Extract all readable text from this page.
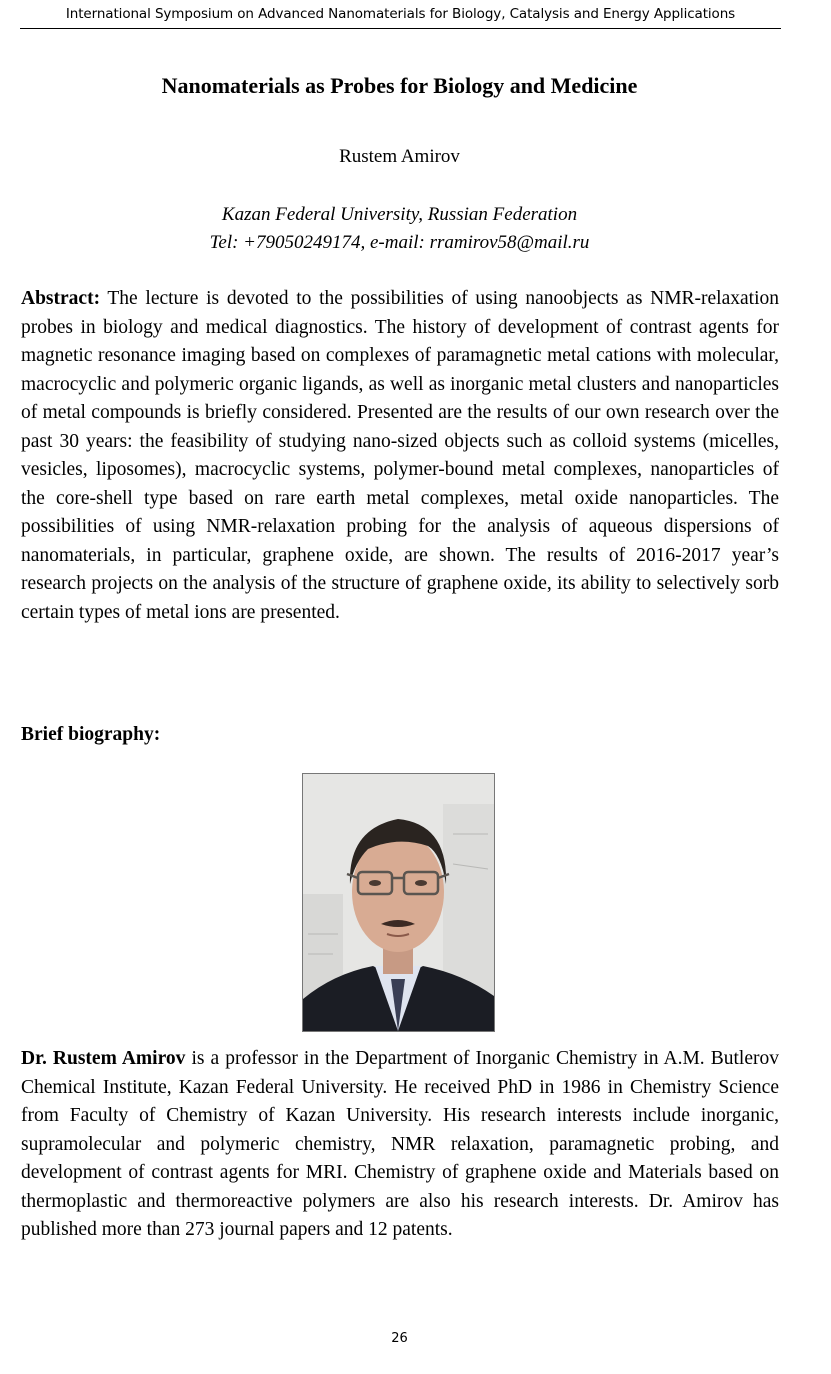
International Symposium on Advanced Nanomaterials for Biology, Catalysis and Energy Applications
Nanomaterials as Probes for Biology and Medicine
Rustem Amirov
Kazan Federal University, Russian Federation
Tel: +79050249174, e-mail: rramirov58@mail.ru

Abstract: The lecture is devoted to the possibilities of using nanoobjects as NMR-relaxation probes in biology and medical diagnostics. The history of development of contrast agents for magnetic resonance imaging based on complexes of paramagnetic metal cations with molecular, macrocyclic and polymeric organic ligands, as well as inorganic metal clusters and nanoparticles of metal compounds is briefly considered. Presented are the results of our own research over the past 30 years: the feasibility of studying nano-sized objects such as colloid systems (micelles, vesicles, liposomes), macrocyclic systems, polymer-bound metal complexes, nanoparticles of the core-shell type based on rare earth metal complexes, metal oxide nanoparticles. The possibilities of using NMR-relaxation probing for the analysis of aqueous dispersions of nanomaterials, in particular, graphene oxide, are shown. The results of 2016-2017 year’s research projects on the analysis of the structure of graphene oxide, its ability to selectively sorb certain types of metal ions are presented.

Brief biography:

Dr. Rustem Amirov is a professor in the Department of Inorganic Chemistry in A.M. Butlerov Chemical Institute, Kazan Federal University. He received PhD in 1986 in Chemistry Science from Faculty of Chemistry of Kazan University. His research interests include inorganic, supramolecular and polymeric chemistry, NMR relaxation, paramagnetic probing, and development of contrast agents for MRI. Chemistry of graphene oxide and Materials based on thermoplastic and thermoreactive polymers are also his research interests. Dr. Amirov has published more than 273 journal papers and 12 patents.

26
